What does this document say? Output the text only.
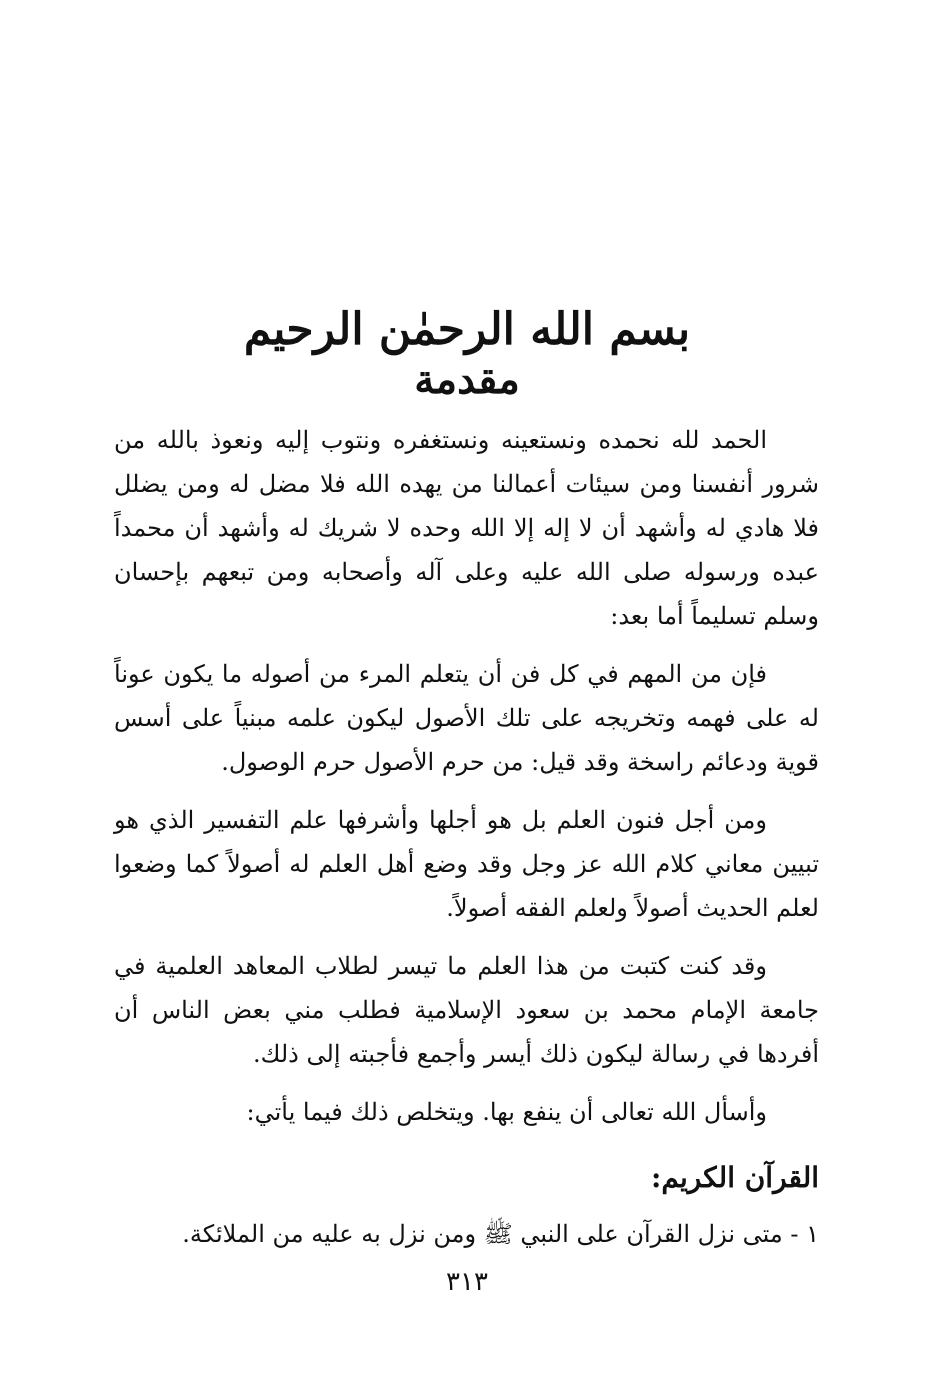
بسم الله الرحمٰن الرحيم
مقدمة

الحمد لله نحمده ونستعينه ونستغفره ونتوب إليه ونعوذ بالله من شرور أنفسنا ومن سيئات أعمالنا من يهده الله فلا مضل له ومن يضلل فلا هادي له وأشهد أن لا إله إلا الله وحده لا شريك له وأشهد أن محمداً عبده ورسوله صلى الله عليه وعلى آله وأصحابه ومن تبعهم بإحسان وسلم تسليماً أما بعد:

فإن من المهم في كل فن أن يتعلم المرء من أصوله ما يكون عوناً له على فهمه وتخريجه على تلك الأصول ليكون علمه مبنياً على أسس قوية ودعائم راسخة وقد قيل: من حرم الأصول حرم الوصول.

ومن أجل فنون العلم بل هو أجلها وأشرفها علم التفسير الذي هو تبيين معاني كلام الله عز وجل وقد وضع أهل العلم له أصولاً كما وضعوا لعلم الحديث أصولاً ولعلم الفقه أصولاً.

وقد كنت كتبت من هذا العلم ما تيسر لطلاب المعاهد العلمية في جامعة الإمام محمد بن سعود الإسلامية فطلب مني بعض الناس أن أفردها في رسالة ليكون ذلك أيسر وأجمع فأجبته إلى ذلك.

وأسأل الله تعالى أن ينفع بها. ويتخلص ذلك فيما يأتي:

القرآن الكريم:

١ - متى نزل القرآن على النبي ﷺ ومن نزل به عليه من الملائكة.

٣١٣
